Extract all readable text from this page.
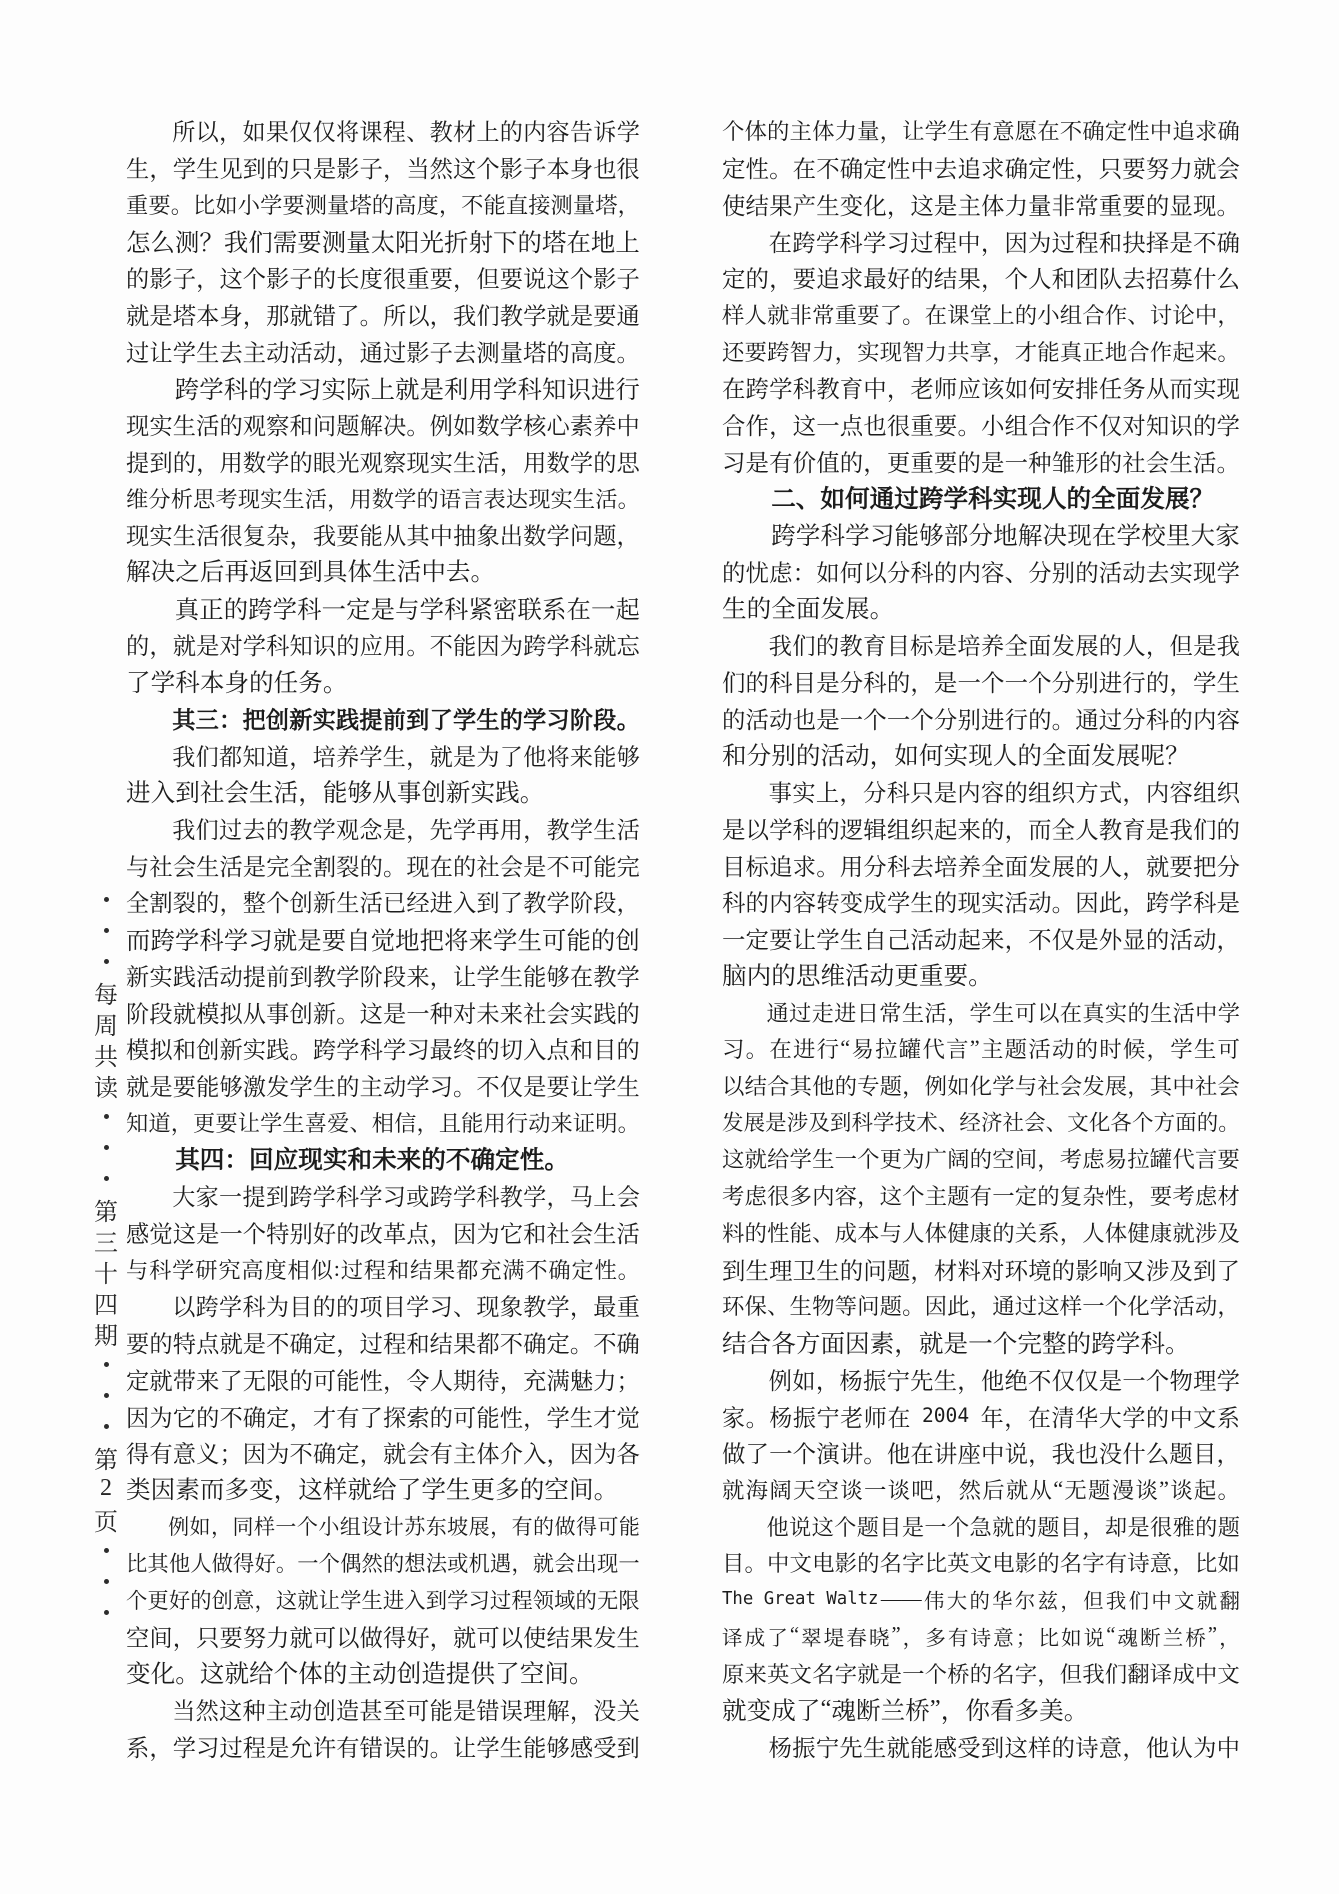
每
周
共
读
第
三
十
四
期
第
2
页
所 以 ， 如 果 仅 仅 将 课 程 、 教 材 上 的 内 容 告 诉 学
生 ， 学 生 见 到 的 只 是 影 子 ， 当 然 这 个 影 子 本 身 也 很
重 要 。 比 如 小 学 要 测 量 塔 的 高 度 ， 不 能 直 接 测 量 塔 ，
怎 么 测 ？ 我 们 需 要 测 量 太 阳 光 折 射 下 的 塔 在 地 上
的 影 子 ， 这 个 影 子 的 长 度 很 重 要 ， 但 要 说 这 个 影 子
就 是 塔 本 身 ， 那 就 错 了 。 所 以 ， 我 们 教 学 就 是 要 通
过 让 学 生 去 主 动 活 动 ， 通 过 影 子 去 测 量 塔 的 高 度 。
跨 学 科 的 学 习 实 际 上 就 是 利 用 学 科 知 识 进 行
现 实 生 活 的 观 察 和 问 题 解 决 。 例 如 数 学 核 心 素 养 中
提 到 的 ， 用 数 学 的 眼 光 观 察 现 实 生 活 ， 用 数 学 的 思
维 分 析 思 考 现 实 生 活 ， 用 数 学 的 语 言 表 达 现 实 生 活 。
现 实 生 活 很 复 杂 ， 我 要 能 从 其 中 抽 象 出 数 学 问 题 ，
解 决 之 后 再 返 回 到 具 体 生 活 中 去 。
真 正 的 跨 学 科 一 定 是 与 学 科 紧 密 联 系 在 一 起
的 ， 就 是 对 学 科 知 识 的 应 用 。 不 能 因 为 跨 学 科 就 忘
了 学 科 本 身 的 任 务 。
其 三 ： 把 创 新 实 践 提 前 到 了 学 生 的 学 习 阶 段 。
我 们 都 知 道 ， 培 养 学 生 ， 就 是 为 了 他 将 来 能 够
进 入 到 社 会 生 活 ， 能 够 从 事 创 新 实 践 。
我 们 过 去 的 教 学 观 念 是 ， 先 学 再 用 ， 教 学 生 活
与 社 会 生 活 是 完 全 割 裂 的 。 现 在 的 社 会 是 不 可 能 完
全 割 裂 的 ， 整 个 创 新 生 活 已 经 进 入 到 了 教 学 阶 段 ，
而 跨 学 科 学 习 就 是 要 自 觉 地 把 将 来 学 生 可 能 的 创
新 实 践 活 动 提 前 到 教 学 阶 段 来 ， 让 学 生 能 够 在 教 学
阶 段 就 模 拟 从 事 创 新 。 这 是 一 种 对 未 来 社 会 实 践 的
模 拟 和 创 新 实 践 。 跨 学 科 学 习 最 终 的 切 入 点 和 目 的
就 是 要 能 够 激 发 学 生 的 主 动 学 习 。 不 仅 是 要 让 学 生
知 道 ， 更 要 让 学 生 喜 爱 、 相 信 ， 且 能 用 行 动 来 证 明 。
其 四 ： 回 应 现 实 和 未 来 的 不 确 定 性 。
大 家 一 提 到 跨 学 科 学 习 或 跨 学 科 教 学 ， 马 上 会
感 觉 这 是 一 个 特 别 好 的 改 革 点 ， 因 为 它 和 社 会 生 活
与 科 学 研 究 高 度 相 似 : 过 程 和 结 果 都 充 满 不 确 定 性 。
以 跨 学 科 为 目 的 的 项 目 学 习 、 现 象 教 学 ， 最 重
要 的 特 点 就 是 不 确 定 ， 过 程 和 结 果 都 不 确 定 。 不 确
定 就 带 来 了 无 限 的 可 能 性 ， 令 人 期 待 ， 充 满 魅 力 ；
因 为 它 的 不 确 定 ， 才 有 了 探 索 的 可 能 性 ， 学 生 才 觉
得 有 意 义 ； 因 为 不 确 定 ， 就 会 有 主 体 介 入 ， 因 为 各
类 因 素 而 多 变 ， 这 样 就 给 了 学 生 更 多 的 空 间 。
例 如 ， 同 样 一 个 小 组 设 计 苏 东 坡 展 ， 有 的 做 得 可 能
比 其 他 人 做 得 好 。 一 个 偶 然 的 想 法 或 机 遇 ， 就 会 出 现 一
个 更 好 的 创 意 ， 这 就 让 学 生 进 入 到 学 习 过 程 领 域 的 无 限
空 间 ， 只 要 努 力 就 可 以 做 得 好 ， 就 可 以 使 结 果 发 生
变 化 。 这 就 给 个 体 的 主 动 创 造 提 供 了 空 间 。
当 然 这 种 主 动 创 造 甚 至 可 能 是 错 误 理 解 ， 没 关
系 ， 学 习 过 程 是 允 许 有 错 误 的 。 让 学 生 能 够 感 受 到
个 体 的 主 体 力 量 ， 让 学 生 有 意 愿 在 不 确 定 性 中 追 求 确
定 性 。 在 不 确 定 性 中 去 追 求 确 定 性 ， 只 要 努 力 就 会
使 结 果 产 生 变 化 ， 这 是 主 体 力 量 非 常 重 要 的 显 现 。
在 跨 学 科 学 习 过 程 中 ， 因 为 过 程 和 抉 择 是 不 确
定 的 ， 要 追 求 最 好 的 结 果 ， 个 人 和 团 队 去 招 募 什 么
样 人 就 非 常 重 要 了 。 在 课 堂 上 的 小 组 合 作 、 讨 论 中 ，
还 要 跨 智 力 ， 实 现 智 力 共 享 ， 才 能 真 正 地 合 作 起 来 。
在 跨 学 科 教 育 中 ， 老 师 应 该 如 何 安 排 任 务 从 而 实 现
合 作 ， 这 一 点 也 很 重 要 。 小 组 合 作 不 仅 对 知 识 的 学
习 是 有 价 值 的 ， 更 重 要 的 是 一 种 雏 形 的 社 会 生 活 。
二 、 如 何 通 过 跨 学 科 实 现 人 的 全 面 发 展 ？
跨 学 科 学 习 能 够 部 分 地 解 决 现 在 学 校 里 大 家
的 忧 虑 ： 如 何 以 分 科 的 内 容 、 分 别 的 活 动 去 实 现 学
生 的 全 面 发 展 。
我 们 的 教 育 目 标 是 培 养 全 面 发 展 的 人 ， 但 是 我
们 的 科 目 是 分 科 的 ， 是 一 个 一 个 分 别 进 行 的 ， 学 生
的 活 动 也 是 一 个 一 个 分 别 进 行 的 。 通 过 分 科 的 内 容
和 分 别 的 活 动 ， 如 何 实 现 人 的 全 面 发 展 呢 ？
事 实 上 ， 分 科 只 是 内 容 的 组 织 方 式 ， 内 容 组 织
是 以 学 科 的 逻 辑 组 织 起 来 的 ， 而 全 人 教 育 是 我 们 的
目 标 追 求 。 用 分 科 去 培 养 全 面 发 展 的 人 ， 就 要 把 分
科 的 内 容 转 变 成 学 生 的 现 实 活 动 。 因 此 ， 跨 学 科 是
一 定 要 让 学 生 自 己 活 动 起 来 ， 不 仅 是 外 显 的 活 动 ，
脑 内 的 思 维 活 动 更 重 要 。
通 过 走 进 日 常 生 活 ， 学 生 可 以 在 真 实 的 生 活 中 学
习 。 在 进 行 “ 易 拉 罐 代 言 ” 主 题 活 动 的 时 候 ， 学 生 可
以 结 合 其 他 的 专 题 ， 例 如 化 学 与 社 会 发 展 ， 其 中 社 会
发 展 是 涉 及 到 科 学 技 术 、 经 济 社 会 、 文 化 各 个 方 面 的 。
这 就 给 学 生 一 个 更 为 广 阔 的 空 间 ， 考 虑 易 拉 罐 代 言 要
考 虑 很 多 内 容 ， 这 个 主 题 有 一 定 的 复 杂 性 ， 要 考 虑 材
料 的 性 能 、 成 本 与 人 体 健 康 的 关 系 ， 人 体 健 康 就 涉 及
到 生 理 卫 生 的 问 题 ， 材 料 对 环 境 的 影 响 又 涉 及 到 了
环 保 、 生 物 等 问 题 。 因 此 ， 通 过 这 样 一 个 化 学 活 动 ，
结 合 各 方 面 因 素 ， 就 是 一 个 完 整 的 跨 学 科 。
例 如 ， 杨 振 宁 先 生 ， 他 绝 不 仅 仅 是 一 个 物 理 学
家 。 杨 振 宁 老 师 在
2004
年 ， 在 清 华 大 学 的 中 文 系
做 了 一 个 演 讲 。 他 在 讲 座 中 说 ， 我 也 没 什 么 题 目 ，
就 海 阔 天 空 谈 一 谈 吧 ， 然 后 就 从 “ 无 题 漫 谈 ” 谈 起 。
他 说 这 个 题 目 是 一 个 急 就 的 题 目 ， 却 是 很 雅 的 题
目 。 中 文 电 影 的 名 字 比 英 文 电 影 的 名 字 有 诗 意 ， 比 如
The Great Waltz —— 伟 大 的 华 尔 兹 ， 但 我 们 中 文 就 翻
译 成 了 “ 翠 堤 春 晓 ” ， 多 有 诗 意 ； 比 如 说 “ 魂 断 兰 桥 ” ，
原 来 英 文 名 字 就 是 一 个 桥 的 名 字 ， 但 我 们 翻 译 成 中 文
就 变 成 了 “ 魂 断 兰 桥 ” ， 你 看 多 美 。
杨 振 宁 先 生 就 能 感 受 到 这 样 的 诗 意 ， 他 认 为 中
